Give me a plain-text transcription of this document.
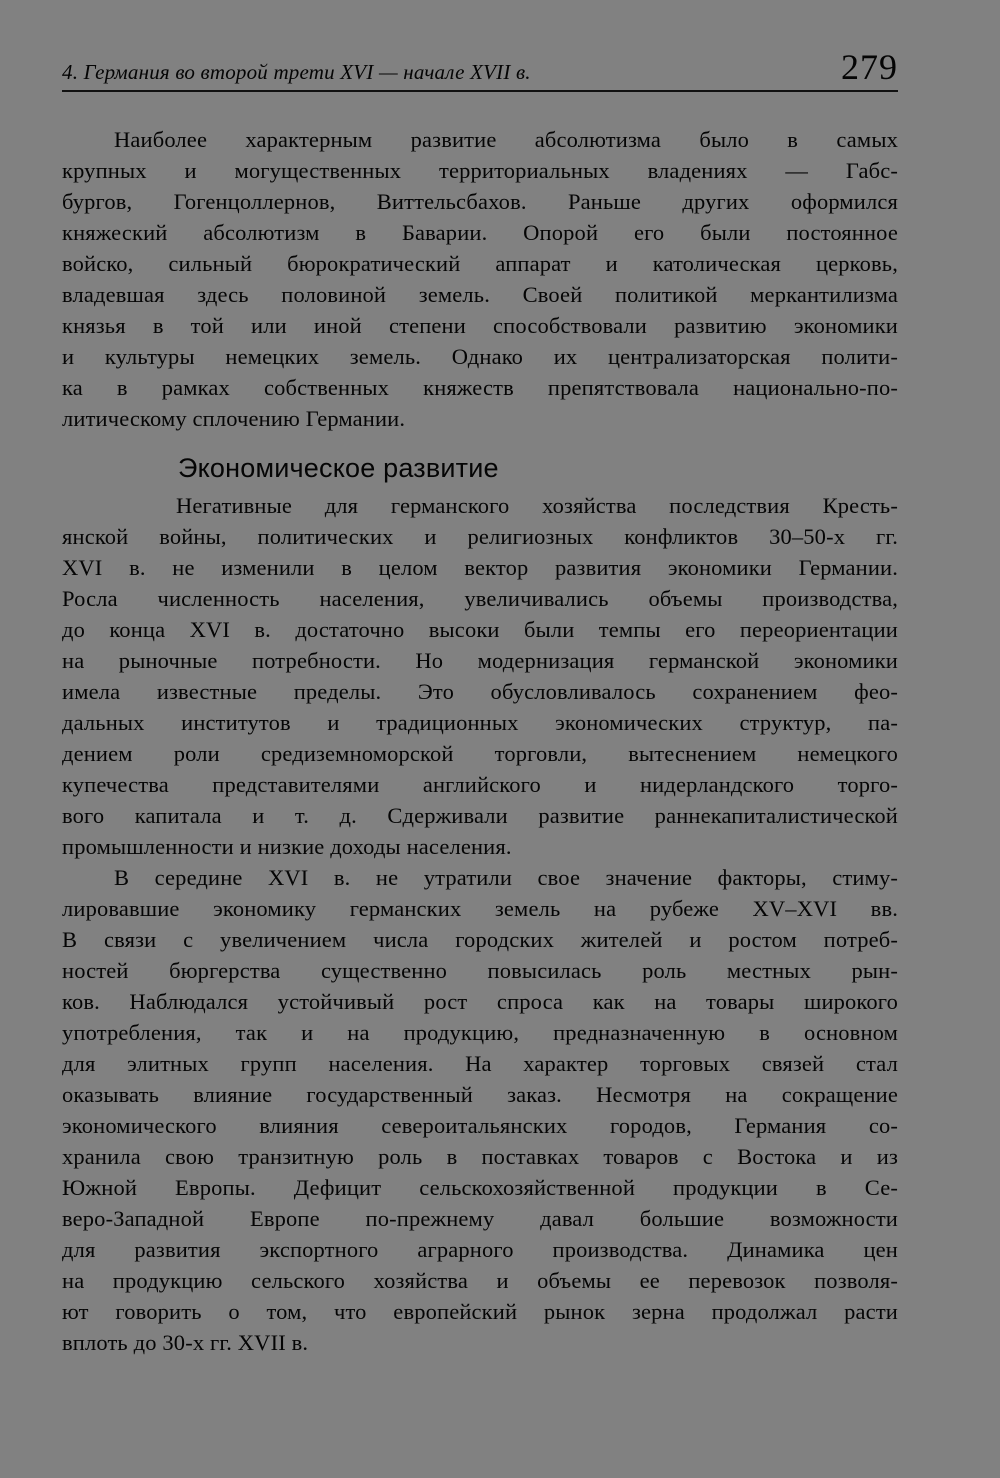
4. Германия во второй трети XVI — начале XVII в.	279
Наиболее характерным развитие абсолютизма было в самых
крупных и могущественных территориальных владениях — Габс-
бургов, Гогенцоллернов, Виттельсбахов. Раньше других оформился
княжеский абсолютизм в Баварии. Опорой его были постоянное
войско, сильный бюрократический аппарат и католическая церковь,
владевшая здесь половиной земель. Своей политикой меркантилизма
князья в той или иной степени способствовали развитию экономики
и культуры немецких земель. Однако их централизаторская полити-
ка в рамках собственных княжеств препятствовала национально-по-
литическому сплочению Германии.
Экономическое развитие
Негативные для германского хозяйства последствия Кресть-
янской войны, политических и религиозных конфликтов 30–50-х гг.
XVI в. не изменили в целом вектор развития экономики Германии.
Росла численность населения, увеличивались объемы производства,
до конца XVI в. достаточно высоки были темпы его переориентации
на рыночные потребности. Но модернизация германской экономики
имела известные пределы. Это обусловливалось сохранением фео-
дальных институтов и традиционных экономических структур, па-
дением роли средиземноморской торговли, вытеснением немецкого
купечества представителями английского и нидерландского торго-
вого капитала и т. д. Сдерживали развитие раннекапиталистической
промышленности и низкие доходы населения.
В середине XVI в. не утратили свое значение факторы, стиму-
лировавшие экономику германских земель на рубеже XV–XVI вв.
В связи с увеличением числа городских жителей и ростом потреб-
ностей бюргерства существенно повысилась роль местных рын-
ков. Наблюдался устойчивый рост спроса как на товары широкого
употребления, так и на продукцию, предназначенную в основном
для элитных групп населения. На характер торговых связей стал
оказывать влияние государственный заказ. Несмотря на сокращение
экономического влияния североитальянских городов, Германия со-
хранила свою транзитную роль в поставках товаров с Востока и из
Южной Европы. Дефицит сельскохозяйственной продукции в Се-
веро-Западной Европе по-прежнему давал большие возможности
для развития экспортного аграрного производства. Динамика цен
на продукцию сельского хозяйства и объемы ее перевозок позволя-
ют говорить о том, что европейский рынок зерна продолжал расти
вплоть до 30-х гг. XVII в.
